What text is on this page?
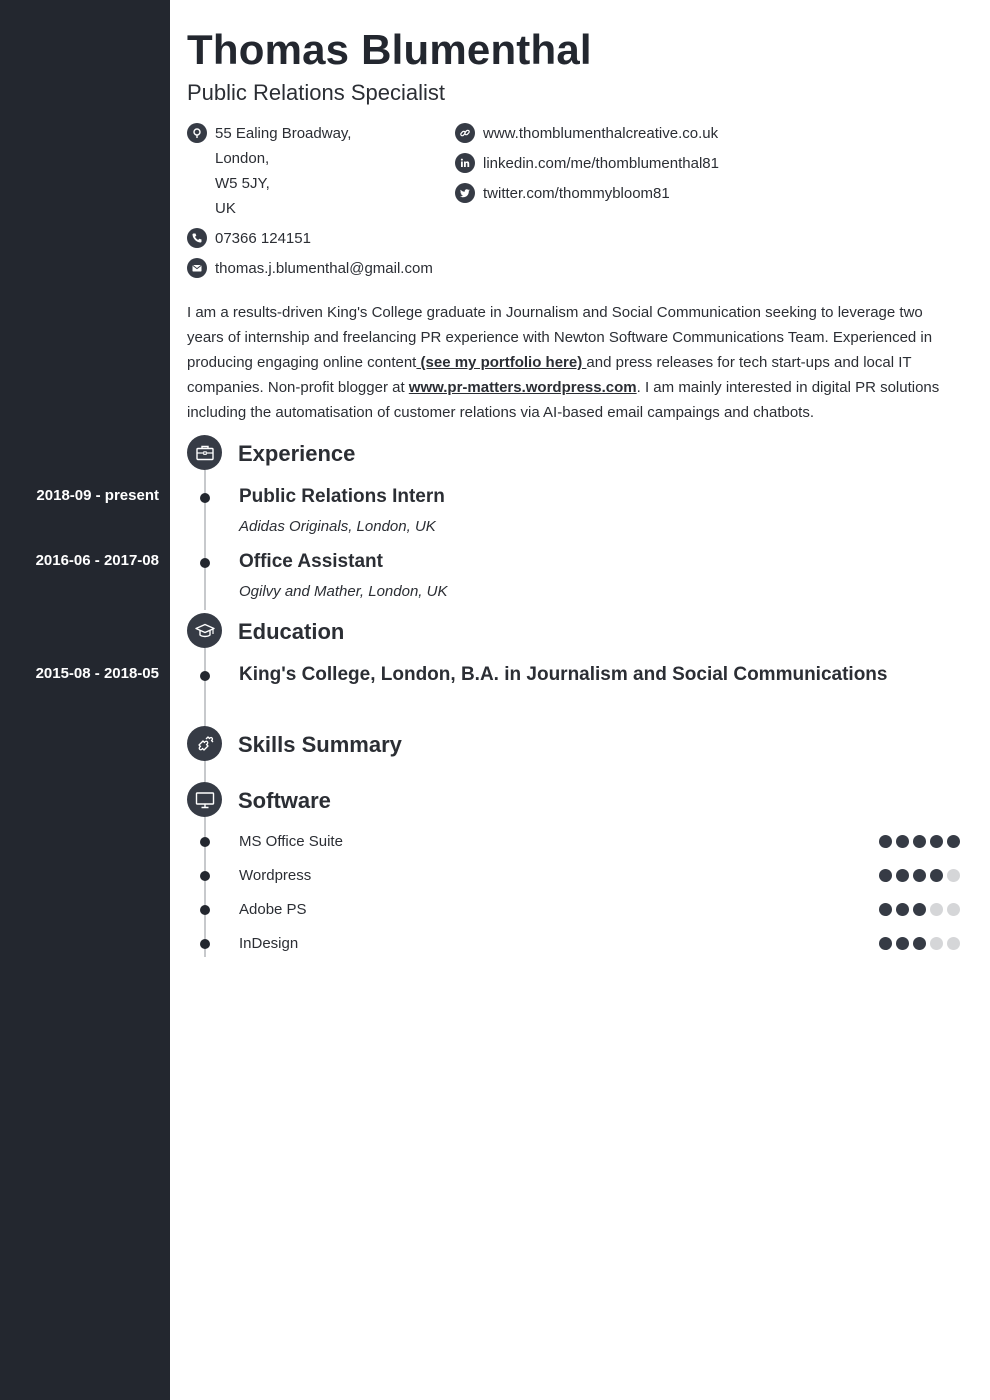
Thomas Blumenthal
Public Relations Specialist
55 Ealing Broadway,
London,
W5 5JY,
UK
07366 124151
thomas.j.blumenthal@gmail.com
www.thomblumenthalcreative.co.uk
linkedin.com/me/thomblumenthal81
twitter.com/thommybloom81
I am a results-driven King's College graduate in Journalism and Social Communication seeking to leverage two years of internship and freelancing PR experience with Newton Software Communications Team. Experienced in producing engaging online content (see my portfolio here) and press releases for tech start-ups and local IT companies. Non-profit blogger at www.pr-matters.wordpress.com. I am mainly interested in digital PR solutions including the automatisation of customer relations via AI-based email campaings and chatbots.
Experience
2018-09 - present	Public Relations Intern
Adidas Originals, London, UK
2016-06 - 2017-08	Office Assistant
Ogilvy and Mather, London, UK
Education
2015-08 - 2018-05	King's College, London, B.A. in Journalism and Social Communications
Skills Summary
Software
MS Office Suite
Wordpress
Adobe PS
InDesign
